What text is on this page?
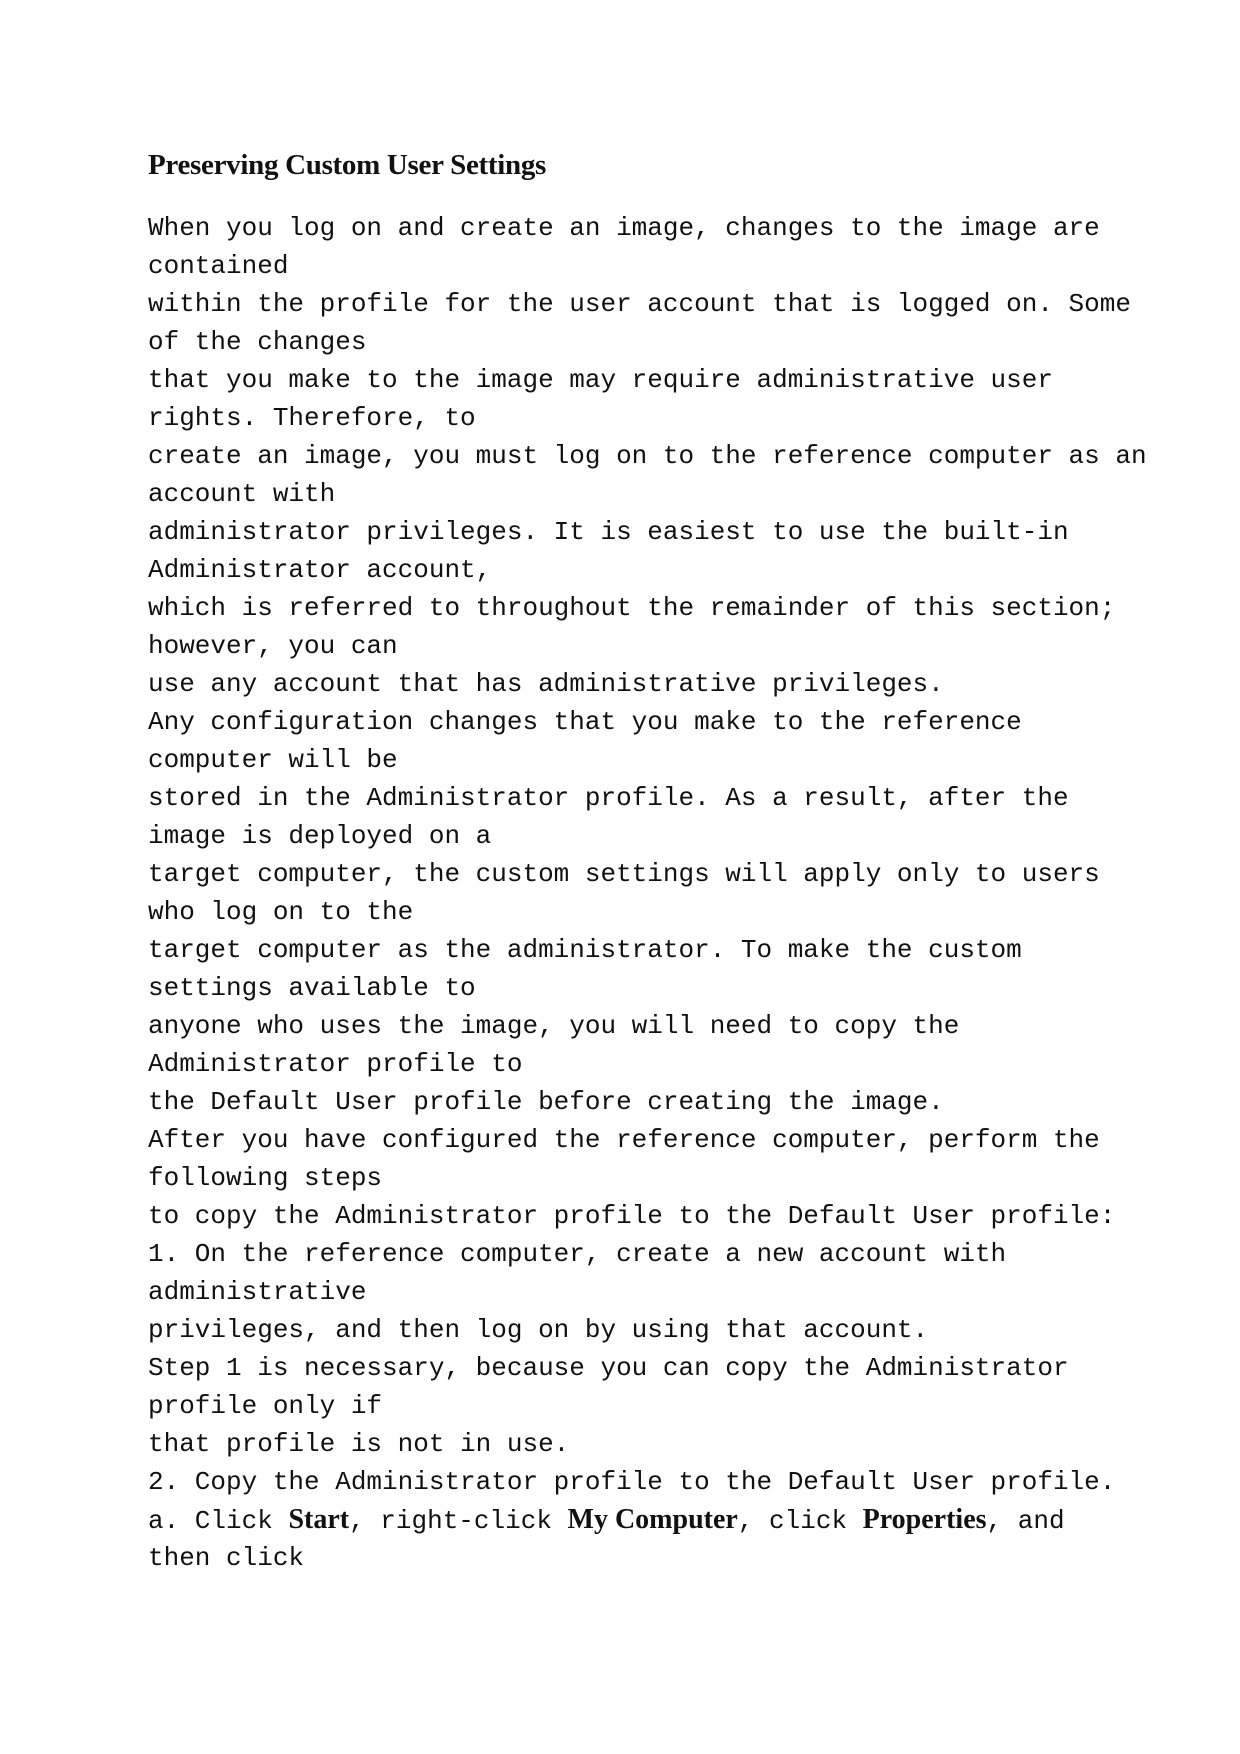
Preserving Custom User Settings
When you log on and create an image, changes to the image are
contained
within the profile for the user account that is logged on. Some
of the changes
that you make to the image may require administrative user
rights. Therefore, to
create an image, you must log on to the reference computer as an
account with
administrator privileges. It is easiest to use the built-in
Administrator account,
which is referred to throughout the remainder of this section;
however, you can
use any account that has administrative privileges.
Any configuration changes that you make to the reference
computer will be
stored in the Administrator profile. As a result, after the
image is deployed on a
target computer, the custom settings will apply only to users
who log on to the
target computer as the administrator. To make the custom
settings available to
anyone who uses the image, you will need to copy the
Administrator profile to
the Default User profile before creating the image.
After you have configured the reference computer, perform the
following steps
to copy the Administrator profile to the Default User profile:
1. On the reference computer, create a new account with
administrative
privileges, and then log on by using that account.
Step 1 is necessary, because you can copy the Administrator
profile only if
that profile is not in use.
2. Copy the Administrator profile to the Default User profile.
a. Click Start, right-click My Computer, click Properties, and
then click
